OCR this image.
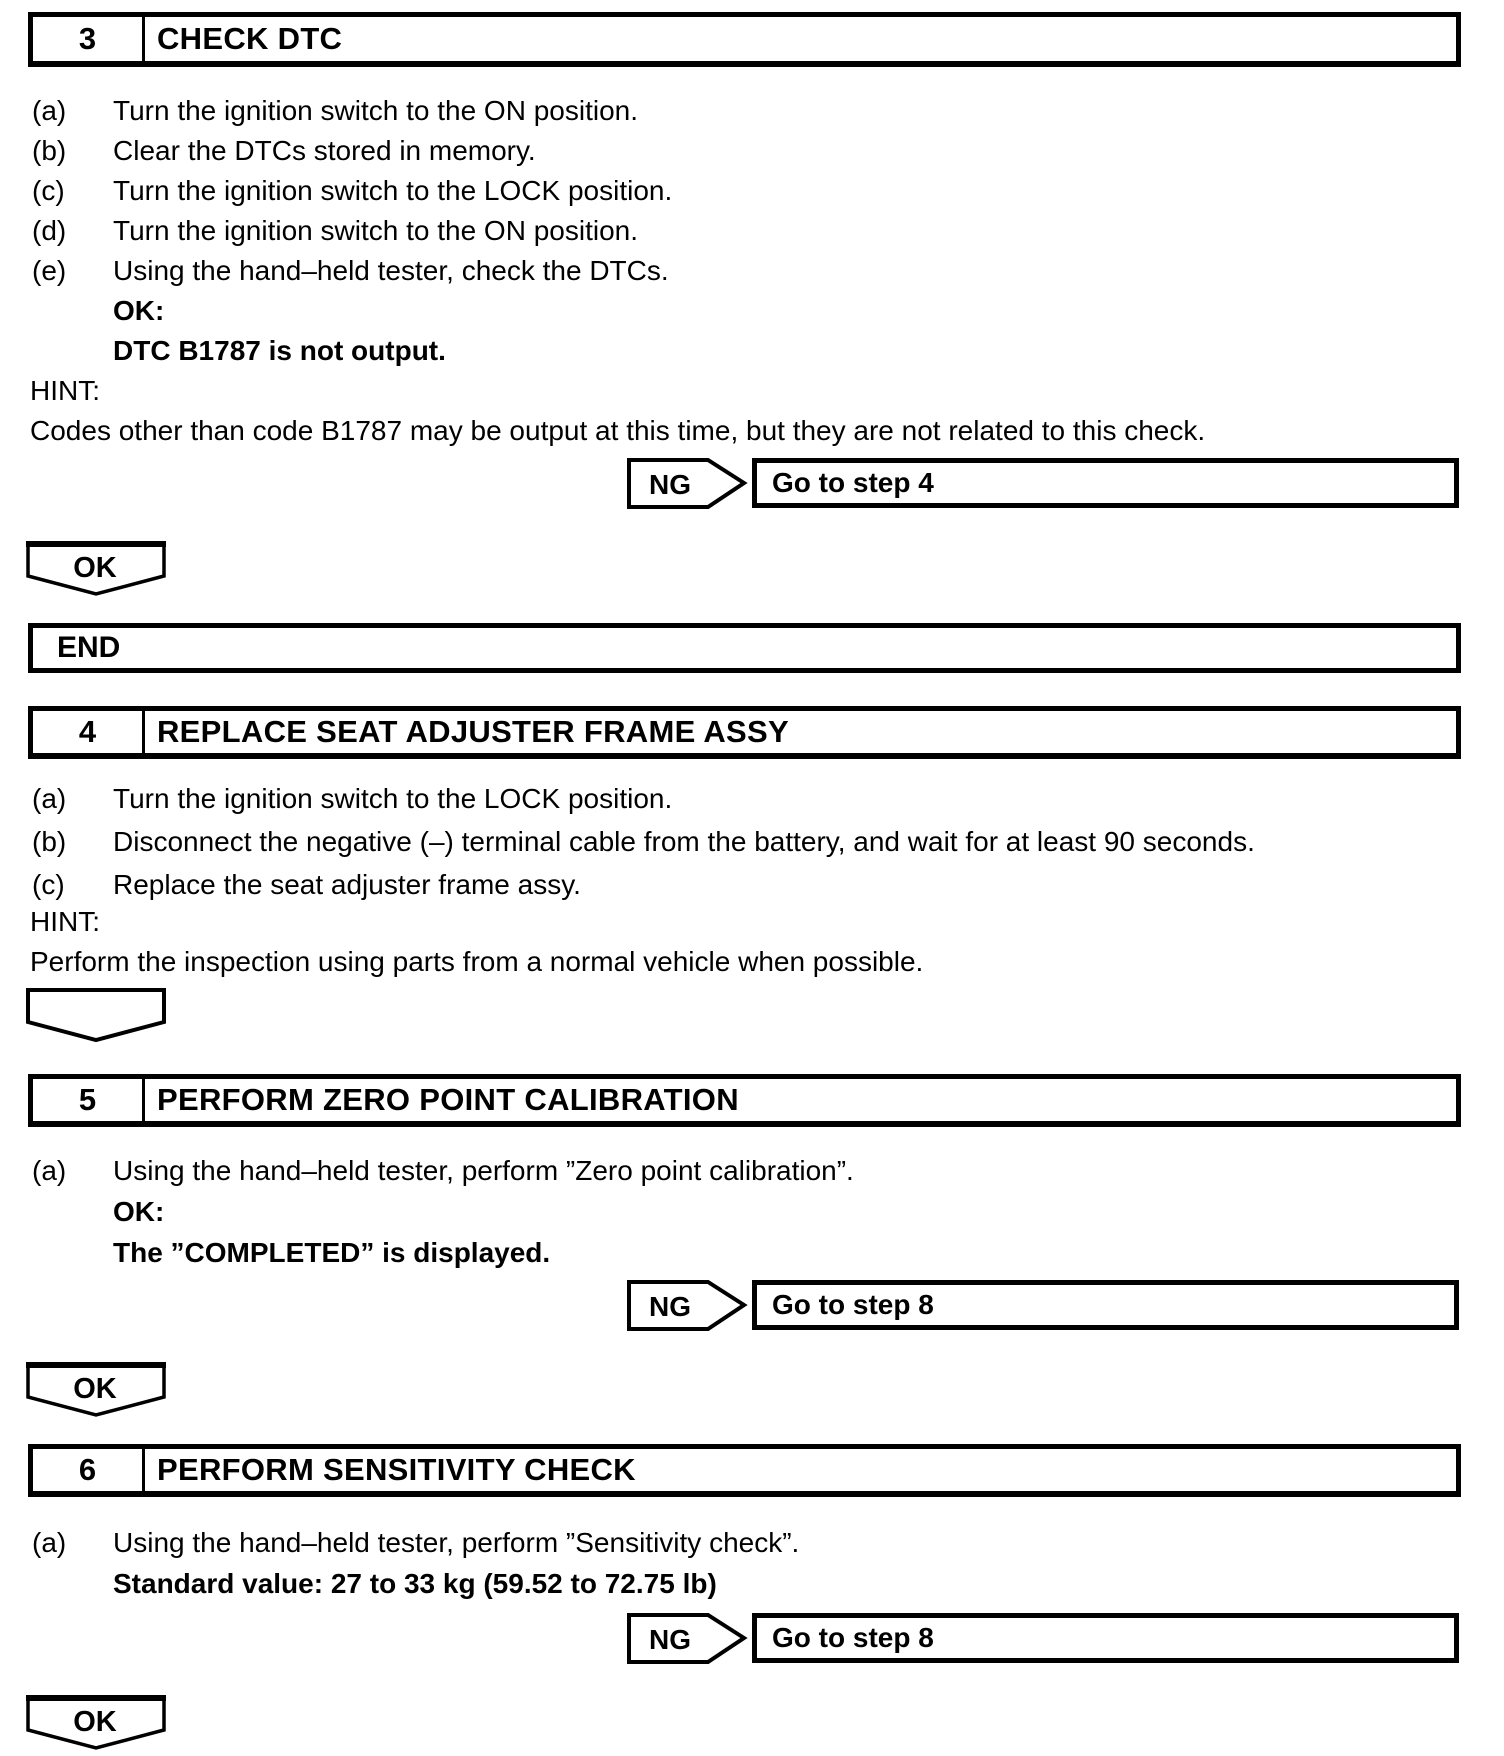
3	CHECK DTC
(a)	Turn the ignition switch to the ON position.
(b)	Clear the DTCs stored in memory.
(c)	Turn the ignition switch to the LOCK position.
(d)	Turn the ignition switch to the ON position.
(e)	Using the hand–held tester, check the DTCs.
OK:
DTC B1787 is not output.
HINT:
Codes other than code B1787 may be output at this time, but they are not related to this check.
NG	Go to step 4
OK
END
4	REPLACE SEAT ADJUSTER FRAME ASSY
(a)	Turn the ignition switch to the LOCK position.
(b)	Disconnect the negative (–) terminal cable from the battery, and wait for at least 90 seconds.
(c)	Replace the seat adjuster frame assy.
HINT:
Perform the inspection using parts from a normal vehicle when possible.
5	PERFORM ZERO POINT CALIBRATION
(a)	Using the hand–held tester, perform ”Zero point calibration”.
OK:
The ”COMPLETED” is displayed.
NG	Go to step 8
OK
6	PERFORM SENSITIVITY CHECK
(a)	Using the hand–held tester, perform ”Sensitivity check”.
Standard value: 27 to 33 kg (59.52 to 72.75 lb)
NG	Go to step 8
OK
